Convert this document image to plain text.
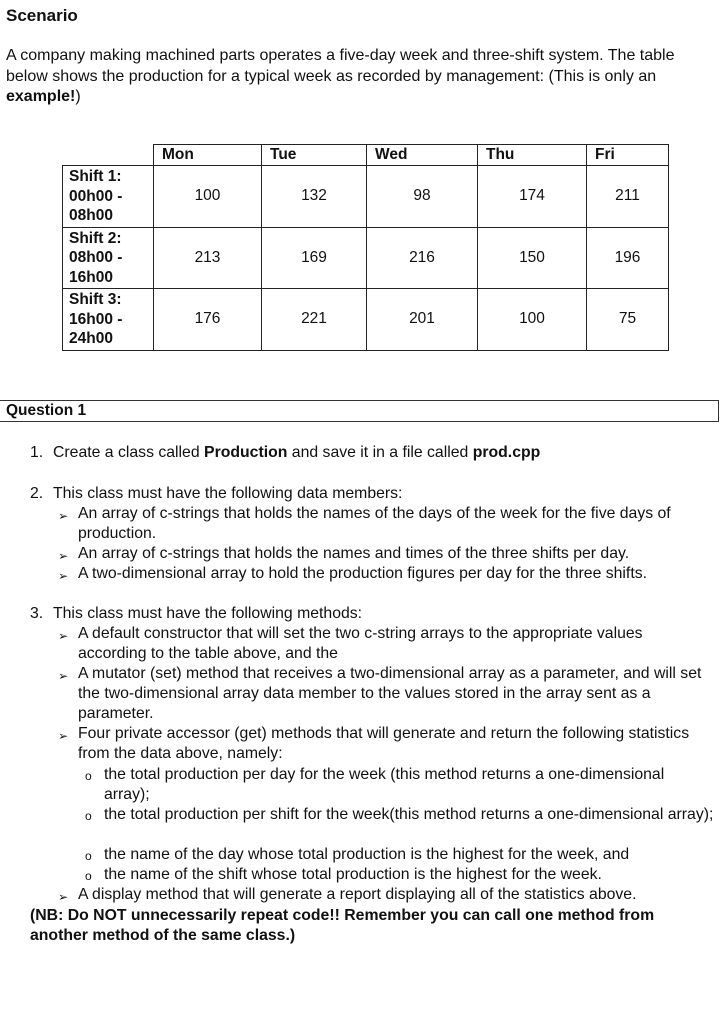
Scenario
A company making machined parts operates a five-day week and three-shift system. The table below shows the production for a typical week as recorded by management: (This is only an example!)
	Mon	Tue	Wed	Thu	Fri

Shift 1:
00h00 -
08h00	100	132	98	174	211

Shift 2:
08h00 -
16h00	213	169	216	150	196

Shift 3:
16h00 -
24h00	176	221	201	100	75
Question 1
1. Create a class called Production and save it in a file called prod.cpp
2. This class must have the following data members:
➢ An array of c-strings that holds the names of the days of the week for the five days of production.
➢ An array of c-strings that holds the names and times of the three shifts per day.
➢ A two-dimensional array to hold the production figures per day for the three shifts.
3. This class must have the following methods:
➢ A default constructor that will set the two c-string arrays to the appropriate values according to the table above, and the
➢ A mutator (set) method that receives a two-dimensional array as a parameter, and will set the two-dimensional array data member to the values stored in the array sent as a parameter.
➢ Four private accessor (get) methods that will generate and return the following statistics from the data above, namely:
o the total production per day for the week (this method returns a one-dimensional array);
o the total production per shift for the week(this method returns a one-dimensional array);
o the name of the day whose total production is the highest for the week, and
o the name of the shift whose total production is the highest for the week.
➢ A display method that will generate a report displaying all of the statistics above.
(NB: Do NOT unnecessarily repeat code!! Remember you can call one method from another method of the same class.)
